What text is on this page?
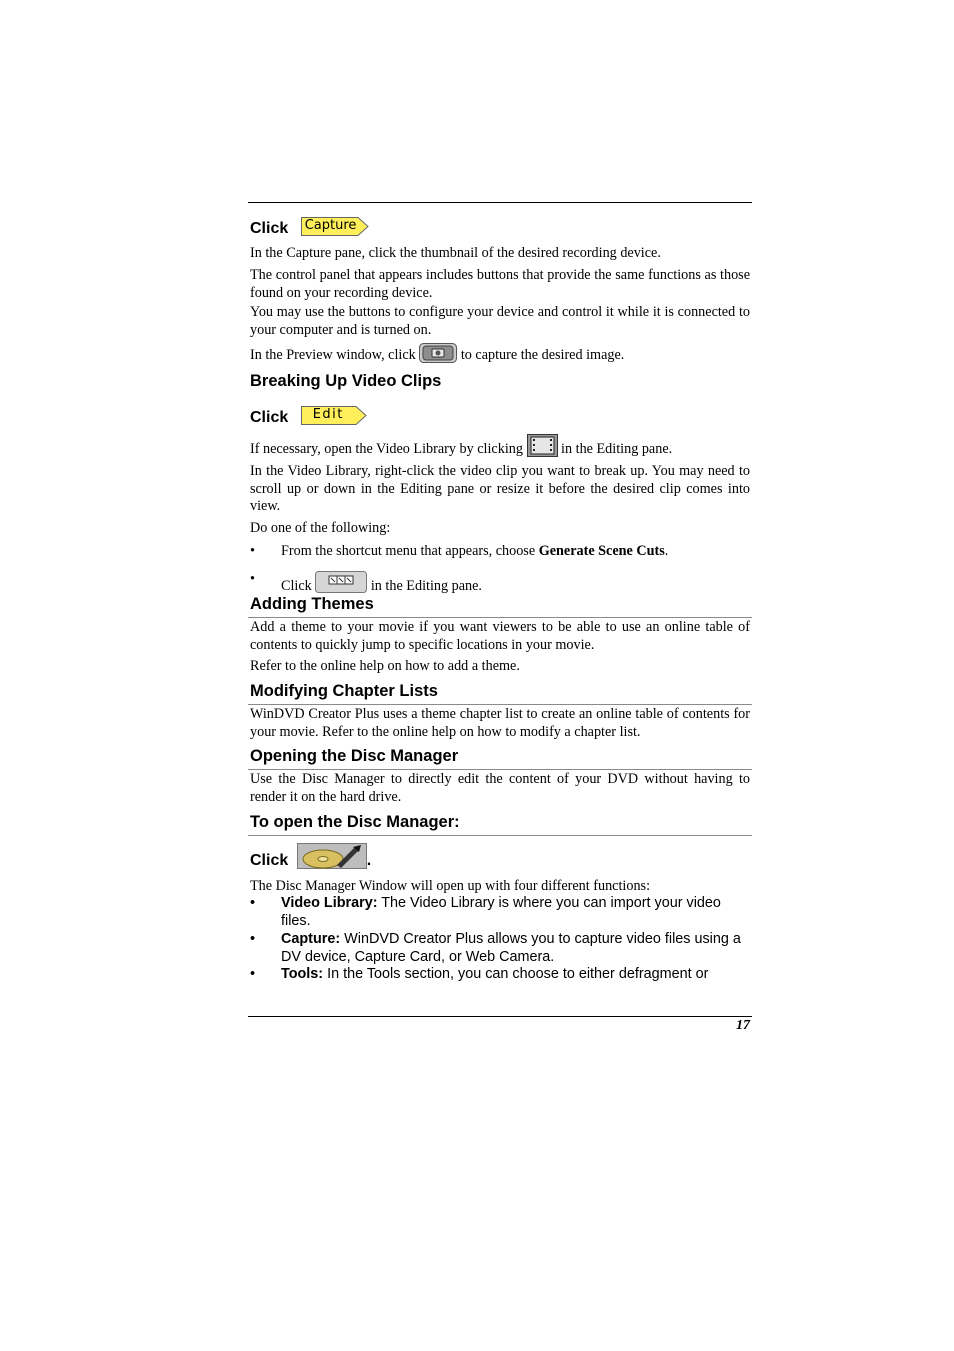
Click Capture
In the Capture pane, click the thumbnail of the desired recording device.
The control panel that appears includes buttons that provide the same functions as those found on your recording device.
You may use the buttons to configure your device and control it while it is connected to your computer and is turned on.
In the Preview window, click	to capture the desired image.
Breaking Up Video Clips
Click Edit
If necessary, open the Video Library by clicking	in the Editing pane.
In the Video Library, right-click the video clip you want to break up. You may need to scroll up or down in the Editing pane or resize it before the desired clip comes into view.
Do one of the following:
• From the shortcut menu that appears, choose Generate Scene Cuts.
• Click	in the Editing pane.
Adding Themes
Add a theme to your movie if you want viewers to be able to use an online table of contents to quickly jump to specific locations in your movie.
Refer to the online help on how to add a theme.
Modifying Chapter Lists
WinDVD Creator Plus uses a theme chapter list to create an online table of contents for your movie. Refer to the online help on how to modify a chapter list.
Opening the Disc Manager
Use the Disc Manager to directly edit the content of your DVD without having to render it on the hard drive.
To open the Disc Manager:
Click	.
The Disc Manager Window will open up with four different functions:
• Video Library: The Video Library is where you can import your video files.
• Capture: WinDVD Creator Plus allows you to capture video files using a DV device, Capture Card, or Web Camera.
• Tools: In the Tools section, you can choose to either defragment or
17
